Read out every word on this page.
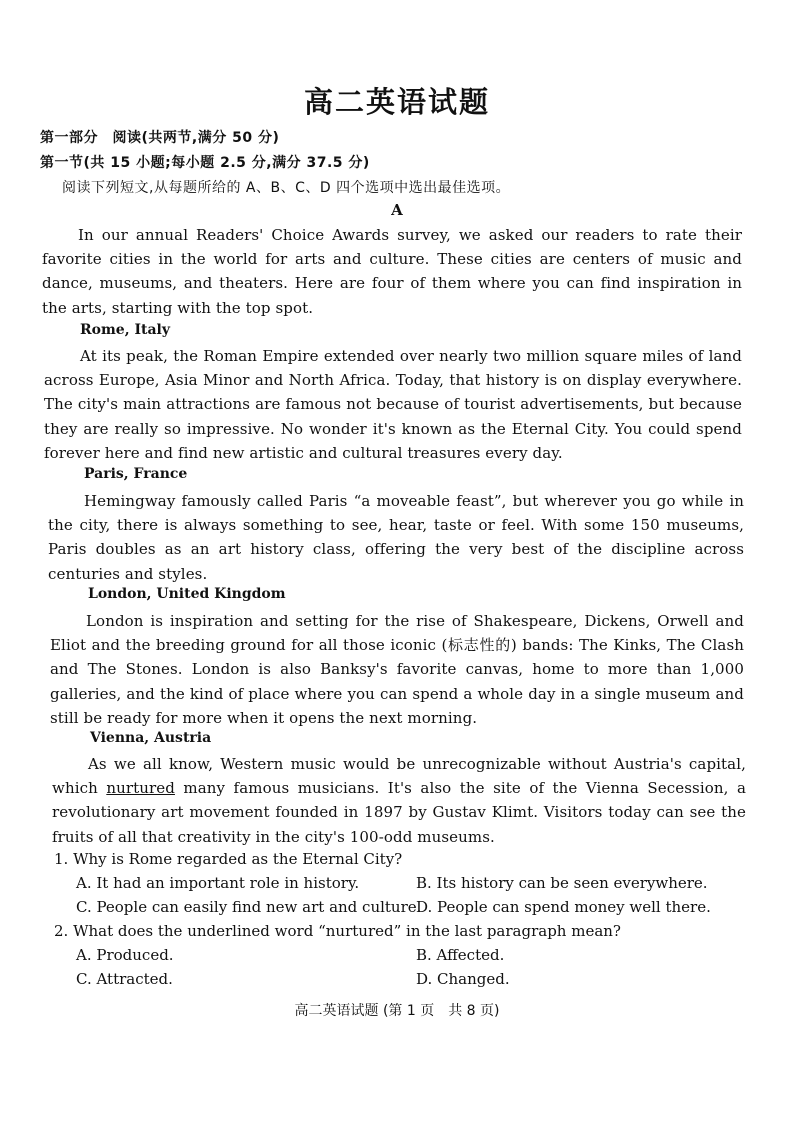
高二英语试题
第一部分　阅读(共两节,满分 50 分)
第一节(共 15 小题;每小题 2.5 分,满分 37.5 分)
阅读下列短文,从每题所给的 A、B、C、D 四个选项中选出最佳选项。
A
In our annual Readers' Choice Awards survey, we asked our readers to rate their favorite cities in the world for arts and culture. These cities are centers of music and dance, museums, and theaters. Here are four of them where you can find inspiration in the arts, starting with the top spot.
Rome, Italy
At its peak, the Roman Empire extended over nearly two million square miles of land across Europe, Asia Minor and North Africa. Today, that history is on display everywhere. The city's main attractions are famous not because of tourist advertisements, but because they are really so impressive. No wonder it's known as the Eternal City. You could spend forever here and find new artistic and cultural treasures every day.
Paris, France
Hemingway famously called Paris “a moveable feast”, but wherever you go while in the city, there is always something to see, hear, taste or feel. With some 150 museums, Paris doubles as an art history class, offering the very best of the discipline across centuries and styles.
London, United Kingdom
London is inspiration and setting for the rise of Shakespeare, Dickens, Orwell and Eliot and the breeding ground for all those iconic (标志性的) bands: The Kinks, The Clash and The Stones. London is also Banksy's favorite canvas, home to more than 1,000 galleries, and the kind of place where you can spend a whole day in a single museum and still be ready for more when it opens the next morning.
Vienna, Austria
As we all know, Western music would be unrecognizable without Austria's capital, which nurtured many famous musicians. It's also the site of the Vienna Secession, a revolutionary art movement founded in 1897 by Gustav Klimt. Visitors today can see the fruits of all that creativity in the city's 100-odd museums.
1. Why is Rome regarded as the Eternal City?
A. It had an important role in history.	B. Its history can be seen everywhere.
C. People can easily find new art and culture.
D. People can spend money well there.
2. What does the underlined word “nurtured” in the last paragraph mean?
A. Produced.	B. Affected.
C. Attracted.	D. Changed.
高二英语试题 (第 1 页　共 8 页)
